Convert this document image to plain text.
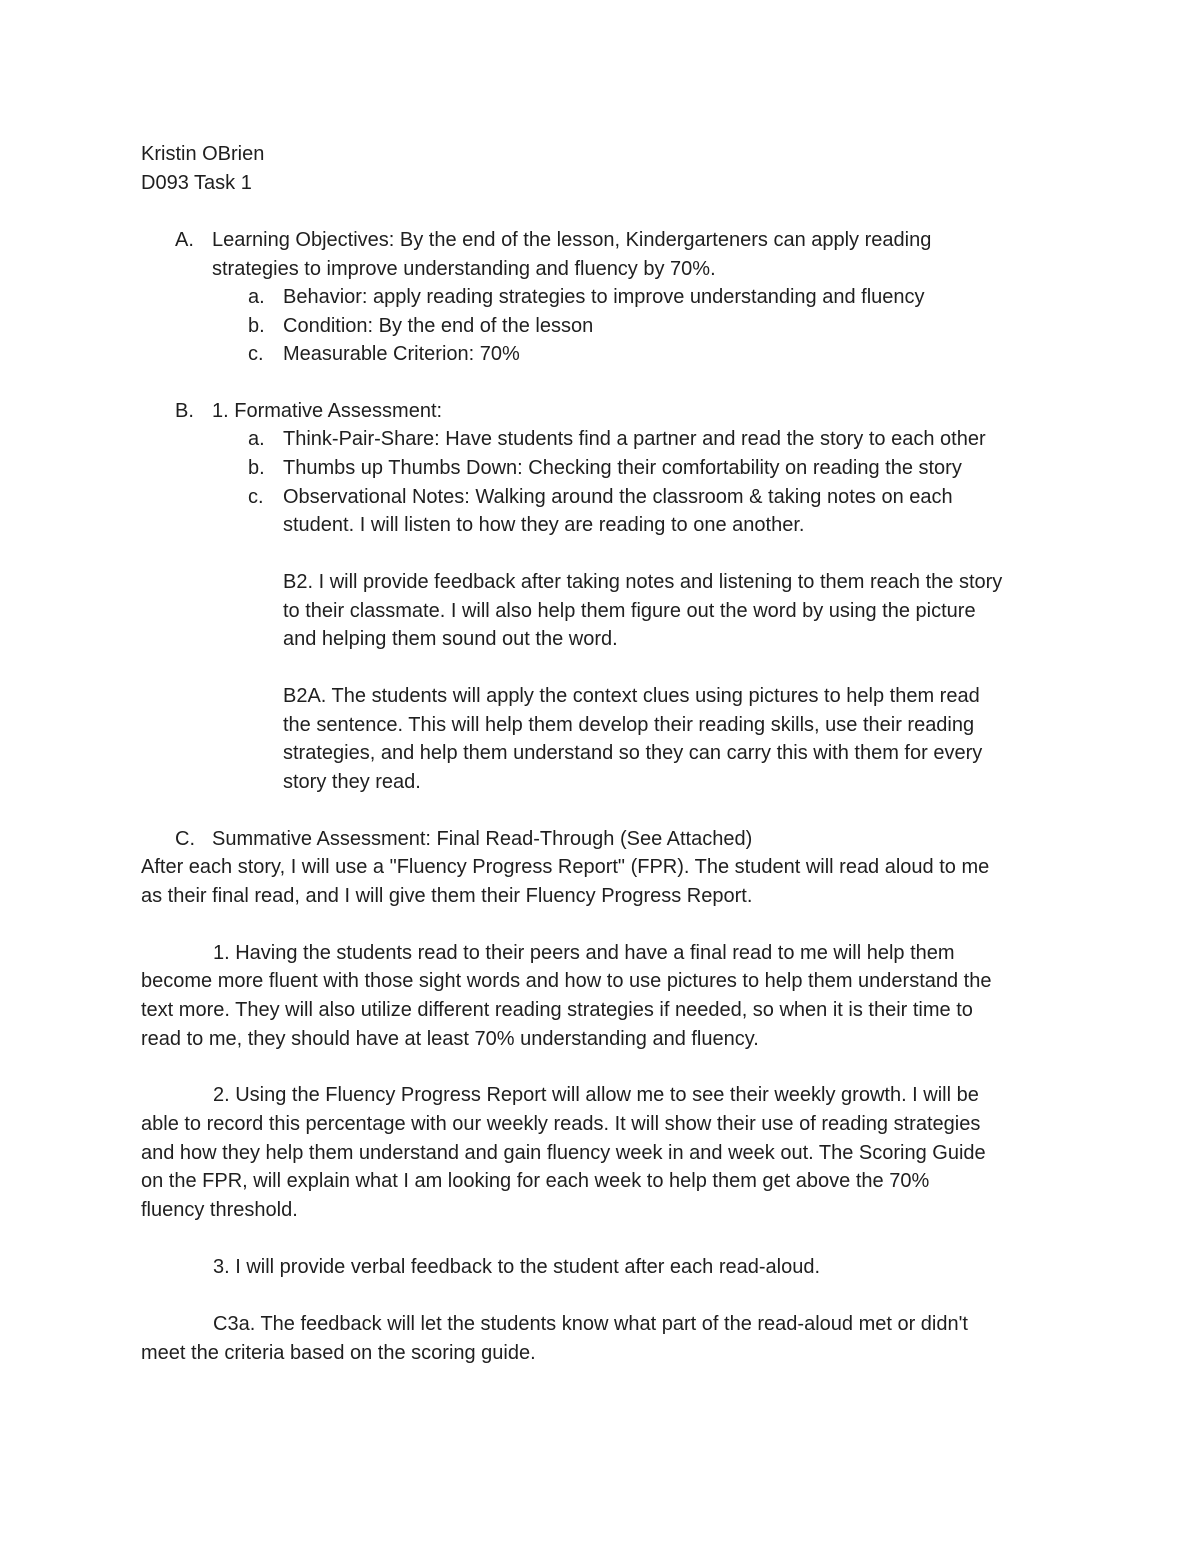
Kristin OBrien
D093 Task 1
A. Learning Objectives: By the end of the lesson, Kindergarteners can apply reading
strategies to improve understanding and fluency by 70%.
a. Behavior: apply reading strategies to improve understanding and fluency
b. Condition: By the end of the lesson
c. Measurable Criterion: 70%
B. 1. Formative Assessment:
a. Think-Pair-Share: Have students find a partner and read the story to each other
b. Thumbs up Thumbs Down: Checking their comfortability on reading the story
c. Observational Notes: Walking around the classroom & taking notes on each
student. I will listen to how they are reading to one another.
B2. I will provide feedback after taking notes and listening to them reach the story
to their classmate. I will also help them figure out the word by using the picture
and helping them sound out the word.
B2A. The students will apply the context clues using pictures to help them read
the sentence. This will help them develop their reading skills, use their reading
strategies, and help them understand so they can carry this with them for every
story they read.
C. Summative Assessment: Final Read-Through (See Attached)
After each story, I will use a "Fluency Progress Report" (FPR). The student will read aloud to me
as their final read, and I will give them their Fluency Progress Report.
1. Having the students read to their peers and have a final read to me will help them
become more fluent with those sight words and how to use pictures to help them understand the
text more. They will also utilize different reading strategies if needed, so when it is their time to
read to me, they should have at least 70% understanding and fluency.
2. Using the Fluency Progress Report will allow me to see their weekly growth. I will be
able to record this percentage with our weekly reads. It will show their use of reading strategies
and how they help them understand and gain fluency week in and week out. The Scoring Guide
on the FPR, will explain what I am looking for each week to help them get above the 70%
fluency threshold.
3. I will provide verbal feedback to the student after each read-aloud.
C3a. The feedback will let the students know what part of the read-aloud met or didn't
meet the criteria based on the scoring guide.
